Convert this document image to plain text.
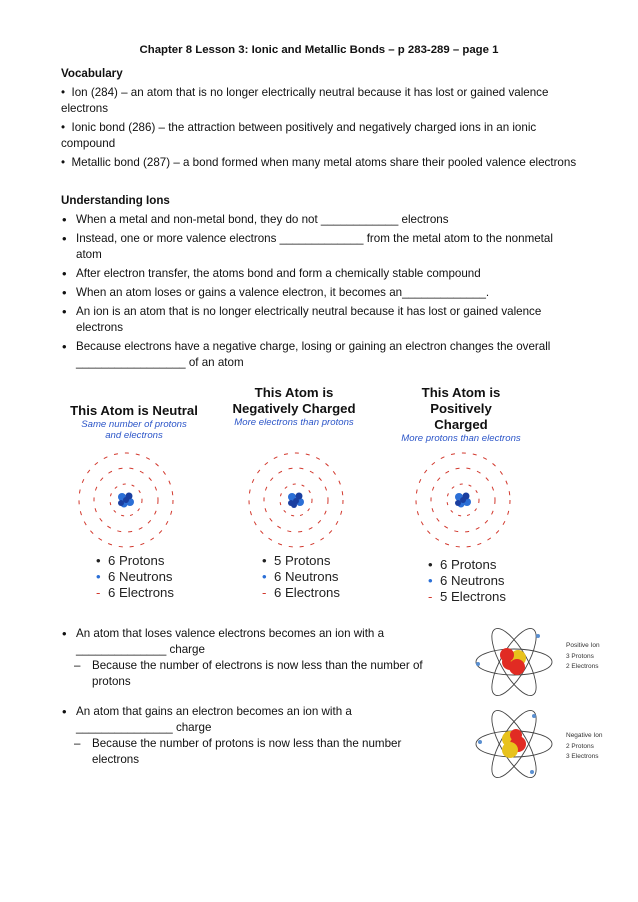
Chapter 8 Lesson 3: Ionic and Metallic Bonds – p 283-289 – page 1
Vocabulary
•  Ion (284) – an atom that is no longer electrically neutral because it has lost or gained valence electrons
•  Ionic bond (286) – the attraction between positively and negatively charged ions in an ionic compound
•  Metallic bond (287) – a bond formed when many metal atoms share their pooled valence electrons
Understanding Ions
• When a metal and non-metal bond, they do not ____________ electrons
• Instead, one or more valence electrons _____________ from the metal atom to the nonmetal atom
• After electron transfer, the atoms bond and form a chemically stable compound
• When an atom loses or gains a valence electron, it becomes an_____________.
• An ion is an atom that is no longer electrically neutral because it has lost or gained valence electrons
• Because electrons have a negative charge, losing or gaining an electron changes the overall _________________ of an atom
This Atom is Neutral
Same number of protons and electrons
This Atom is Negatively Charged
More electrons than protons
This Atom is Positively Charged
More protons than electrons
• 6 Protons
• 6 Neutrons
- 6 Electrons
• 5 Protons
• 6 Neutrons
- 6 Electrons
• 6 Protons
• 6 Neutrons
- 5 Electrons
• An atom that loses valence electrons becomes an ion with a ______________ charge
– Because the number of electrons is now less than the number of protons
• An atom that gains an electron becomes an ion with a _______________ charge
– Because the number of protons is now less than the number electrons
Positive Ion
3 Protons
2 Electrons
Negative Ion
2 Protons
3 Electrons
